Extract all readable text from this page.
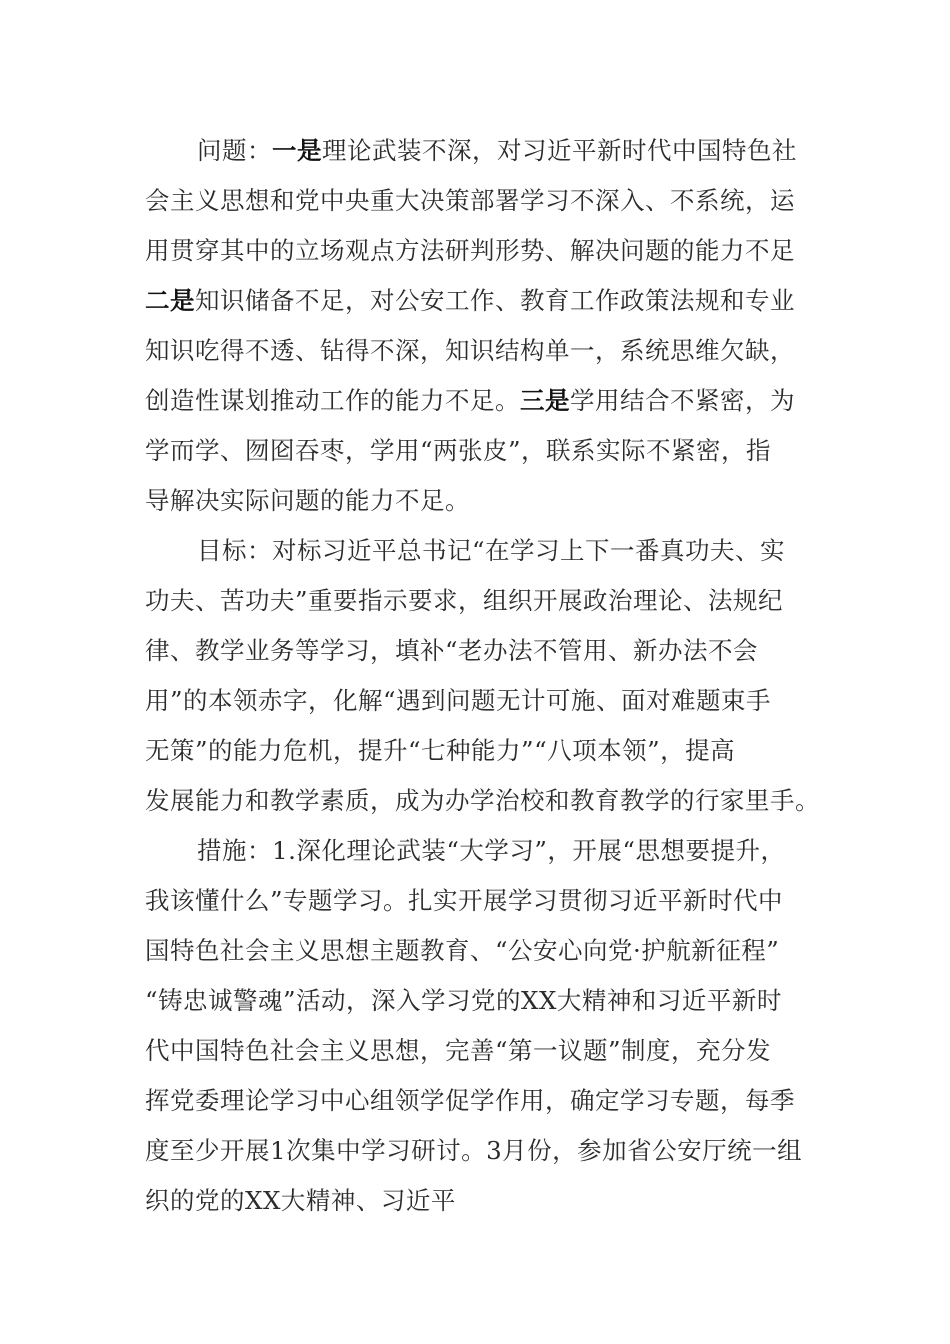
问题：一是理论武装不深，对习近平新时代中国特色社
会主义思想和党中央重大决策部署学习不深入、不系统，运
用贯穿其中的立场观点方法研判形势、解决问题的能力不足
二是知识储备不足，对公安工作、教育工作政策法规和专业
知识吃得不透、钻得不深，知识结构单一，系统思维欠缺，
创造性谋划推动工作的能力不足。三是学用结合不紧密，为
学而学、囫囵吞枣，学用“两张皮”，联系实际不紧密，指
导解决实际问题的能力不足。
目标：对标习近平总书记“在学习上下一番真功夫、实
功夫、苦功夫”重要指示要求，组织开展政治理论、法规纪
律、教学业务等学习，填补“老办法不管用、新办法不会
用”的本领赤字，化解“遇到问题无计可施、面对难题束手
无策”的能力危机，提升“七种能力”“八项本领”，提高
发展能力和教学素质，成为办学治校和教育教学的行家里手。
措施：1.深化理论武装“大学习”，开展“思想要提升，
我该懂什么”专题学习。扎实开展学习贯彻习近平新时代中
国特色社会主义思想主题教育、“公安心向党·护航新征程”
“铸忠诚警魂”活动，深入学习党的XX大精神和习近平新时
代中国特色社会主义思想，完善“第一议题”制度，充分发
挥党委理论学习中心组领学促学作用，确定学习专题，每季
度至少开展1次集中学习研讨。3月份，参加省公安厅统一组
织的党的XX大精神、习近平
